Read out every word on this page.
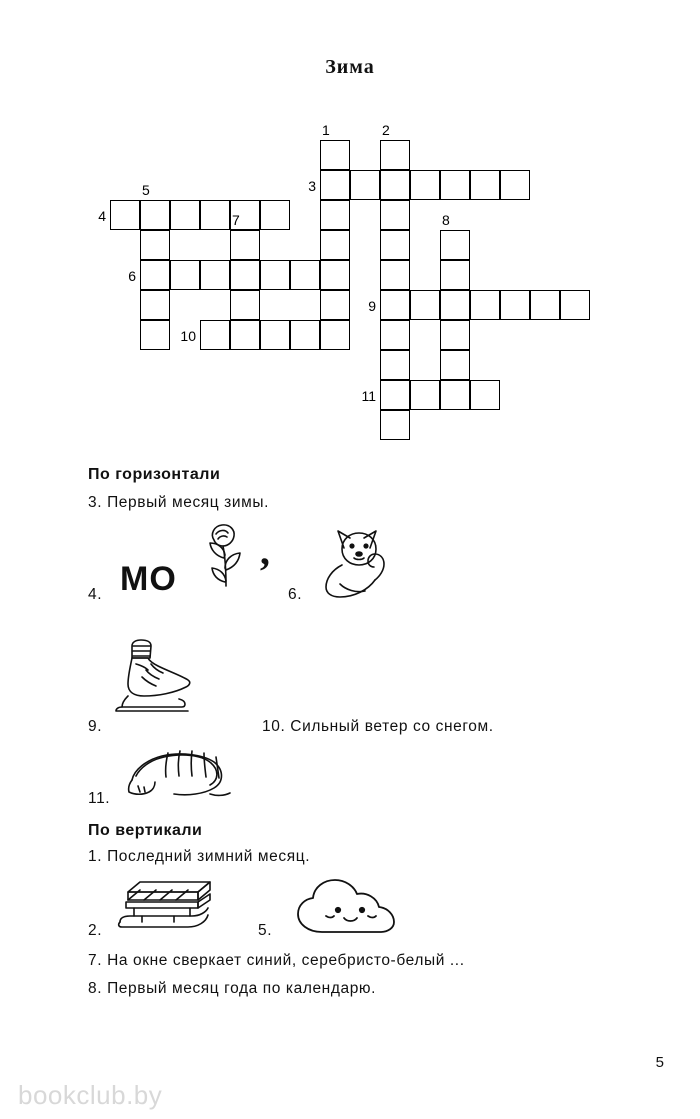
Зима
1	2
3
5
4	7	8
6
9
10
11
По горизонтали
3. Первый месяц зимы.
4. МО ’
6.
9.	10. Сильный ветер со снегом.
11.
По вертикали
1. Последний зимний месяц.
2.	5.
7. На окне сверкает синий, серебристо-белый ...
8. Первый месяц года по календарю.
5
bookclub.by
